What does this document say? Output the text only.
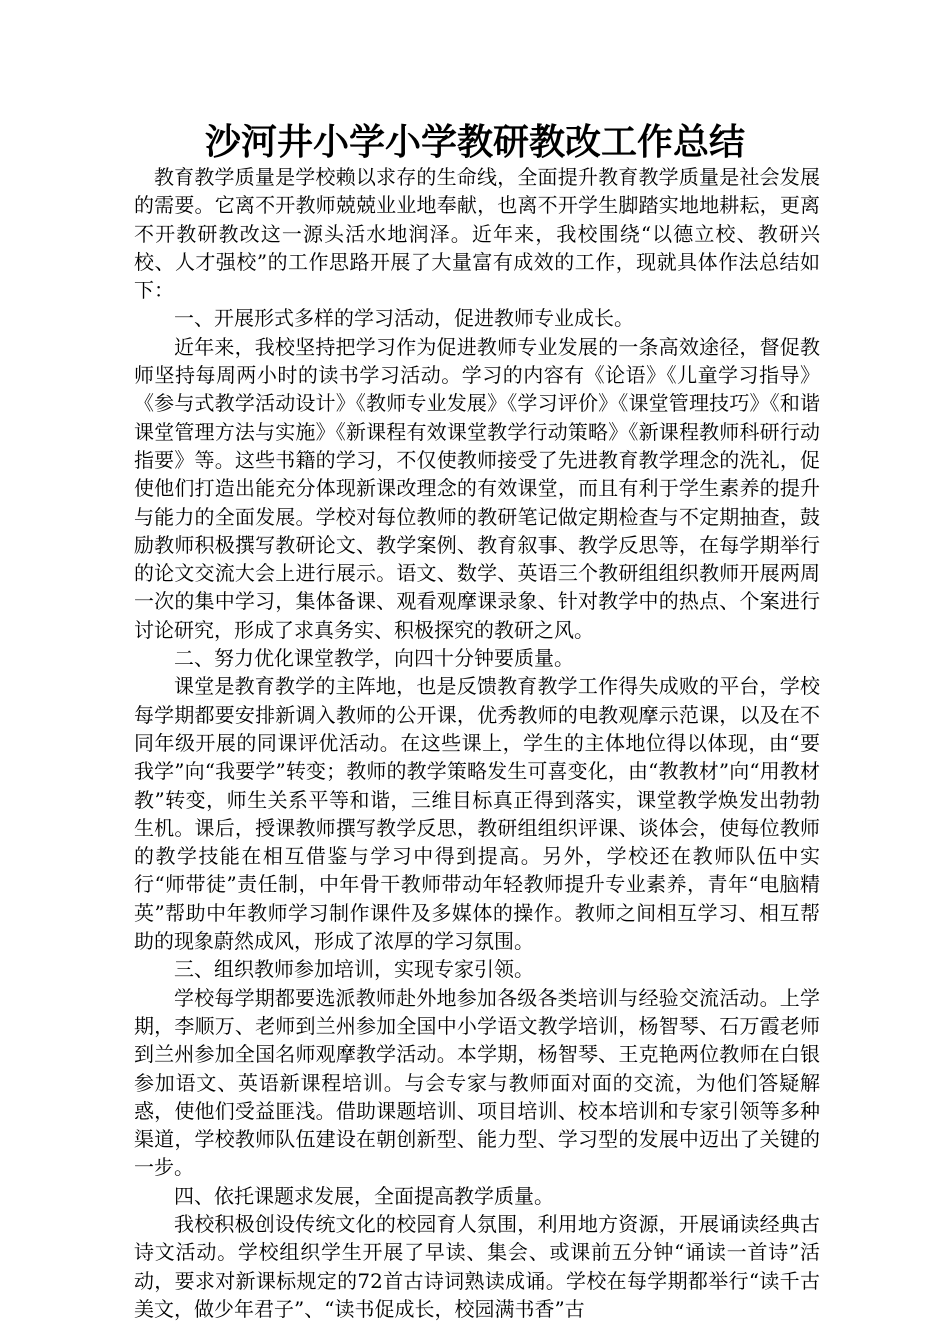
沙河井小学小学教研教改工作总结

教育教学质量是学校赖以求存的生命线，全面提升教育教学质量是社会发展的需要。它离不开教师兢兢业业地奉献，也离不开学生脚踏实地地耕耘，更离不开教研教改这一源头活水地润泽。近年来，我校围绕“以德立校、教研兴校、人才强校”的工作思路开展了大量富有成效的工作，现就具体作法总结如下：

一、开展形式多样的学习活动，促进教师专业成长。

近年来，我校坚持把学习作为促进教师专业发展的一条高效途径，督促教师坚持每周两小时的读书学习活动。学习的内容有《论语》《儿童学习指导》《参与式教学活动设计》《教师专业发展》《学习评价》《课堂管理技巧》《和谐课堂管理方法与实施》《新课程有效课堂教学行动策略》《新课程教师科研行动指要》等。这些书籍的学习，不仅使教师接受了先进教育教学理念的洗礼，促使他们打造出能充分体现新课改理念的有效课堂，而且有利于学生素养的提升与能力的全面发展。学校对每位教师的教研笔记做定期检查与不定期抽查，鼓励教师积极撰写教研论文、教学案例、教育叙事、教学反思等，在每学期举行的论文交流大会上进行展示。语文、数学、英语三个教研组组织教师开展两周一次的集中学习，集体备课、观看观摩课录象、针对教学中的热点、个案进行讨论研究，形成了求真务实、积极探究的教研之风。

二、努力优化课堂教学，向四十分钟要质量。

课堂是教育教学的主阵地，也是反馈教育教学工作得失成败的平台，学校每学期都要安排新调入教师的公开课，优秀教师的电教观摩示范课，以及在不同年级开展的同课评优活动。在这些课上，学生的主体地位得以体现，由“要我学”向“我要学”转变；教师的教学策略发生可喜变化，由“教教材”向“用教材教”转变，师生关系平等和谐，三维目标真正得到落实，课堂教学焕发出勃勃生机。课后，授课教师撰写教学反思，教研组组织评课、谈体会，使每位教师的教学技能在相互借鉴与学习中得到提高。另外，学校还在教师队伍中实行“师带徒”责任制，中年骨干教师带动年轻教师提升专业素养，青年“电脑精英”帮助中年教师学习制作课件及多媒体的操作。教师之间相互学习、相互帮助的现象蔚然成风，形成了浓厚的学习氛围。

三、组织教师参加培训，实现专家引领。

学校每学期都要选派教师赴外地参加各级各类培训与经验交流活动。上学期，李顺万、老师到兰州参加全国中小学语文教学培训，杨智琴、石万霞老师到兰州参加全国名师观摩教学活动。本学期，杨智琴、王克艳两位教师在白银参加语文、英语新课程培训。与会专家与教师面对面的交流，为他们答疑解惑，使他们受益匪浅。借助课题培训、项目培训、校本培训和专家引领等多种渠道，学校教师队伍建设在朝创新型、能力型、学习型的发展中迈出了关键的一步。

四、依托课题求发展，全面提高教学质量。

我校积极创设传统文化的校园育人氛围，利用地方资源，开展诵读经典古诗文活动。学校组织学生开展了早读、集会、或课前五分钟“诵读一首诗”活动，要求对新课标规定的72首古诗词熟读成诵。学校在每学期都举行“读千古美文，做少年君子”、“读书促成长，校园满书香”古
